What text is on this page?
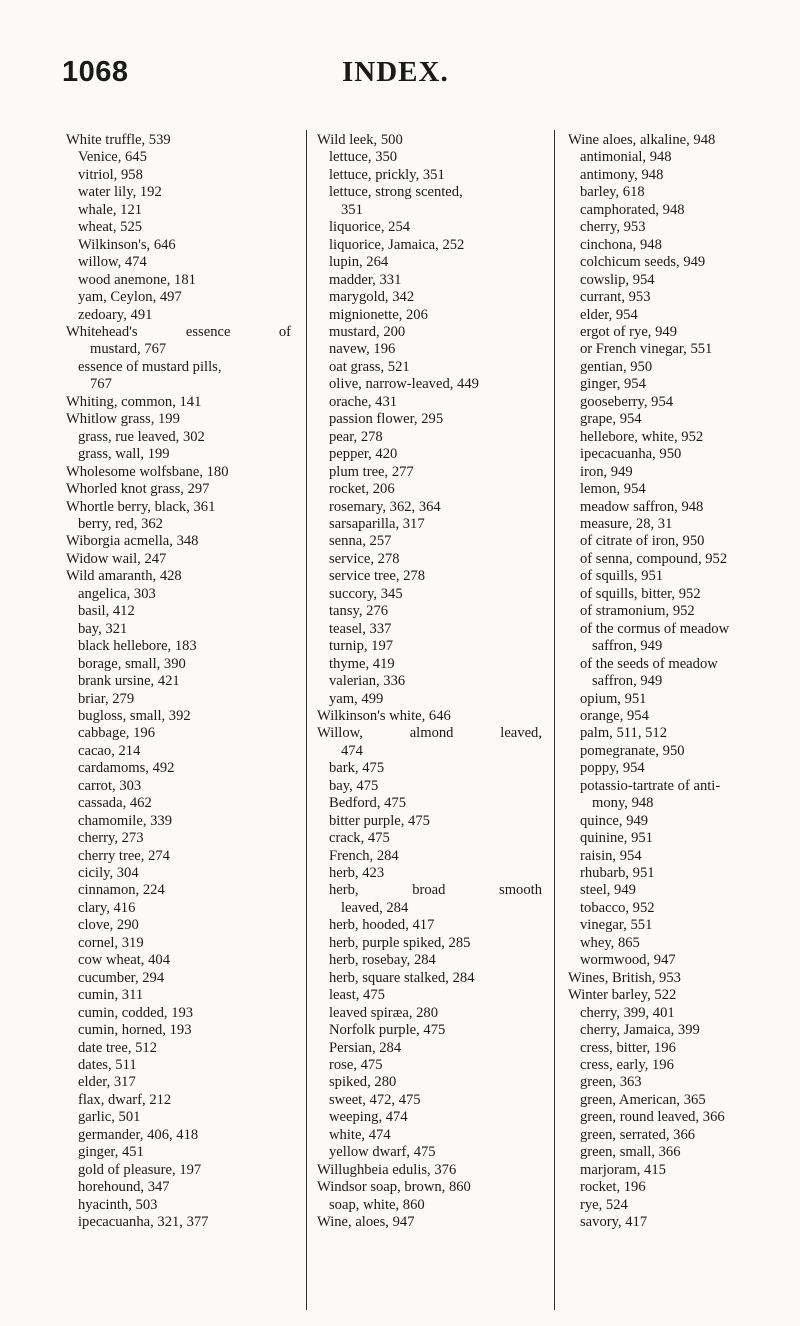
1068	INDEX.
White truffle, 539
Venice, 645
vitriol, 958
water lily, 192
whale, 121
wheat, 525
Wilkinson's, 646
willow, 474
wood anemone, 181
yam, Ceylon, 497
zedoary, 491
Whitehead's	essence	of
mustard, 767
essence of mustard pills,
767
Whiting, common, 141
Whitlow grass, 199
grass, rue leaved, 302
grass, wall, 199
Wholesome wolfsbane, 180
Whorled knot grass, 297
Whortle berry, black, 361
berry, red, 362
Wiborgia acmella, 348
Widow wail, 247
Wild amaranth, 428
angelica, 303
basil, 412
bay, 321
black hellebore, 183
borage, small, 390
brank ursine, 421
briar, 279
bugloss, small, 392
cabbage, 196
cacao, 214
cardamoms, 492
carrot, 303
cassada, 462
chamomile, 339
cherry, 273
cherry tree, 274
cicily, 304
cinnamon, 224
clary, 416
clove, 290
cornel, 319
cow wheat, 404
cucumber, 294
cumin, 311
cumin, codded, 193
cumin, horned, 193
date tree, 512
dates, 511
elder, 317
flax, dwarf, 212
garlic, 501
germander, 406, 418
ginger, 451
gold of pleasure, 197
horehound, 347
hyacinth, 503
ipecacuanha, 321, 377
Wild leek, 500
lettuce, 350
lettuce, prickly, 351
lettuce, strong scented,
351
liquorice, 254
liquorice, Jamaica, 252
lupin, 264
madder, 331
marygold, 342
mignionette, 206
mustard, 200
navew, 196
oat grass, 521
olive, narrow-leaved, 449
orache, 431
passion flower, 295
pear, 278
pepper, 420
plum tree, 277
rocket, 206
rosemary, 362, 364
sarsaparilla, 317
senna, 257
service, 278
service tree, 278
succory, 345
tansy, 276
teasel, 337
turnip, 197
thyme, 419
valerian, 336
yam, 499
Wilkinson's white, 646
Willow,	almond	leaved,
474
bark, 475
bay, 475
Bedford, 475
bitter purple, 475
crack, 475
French, 284
herb, 423
herb,	broad	smooth
leaved, 284
herb, hooded, 417
herb, purple spiked, 285
herb, rosebay, 284
herb, square stalked, 284
least, 475
leaved spiræa, 280
Norfolk purple, 475
Persian, 284
rose, 475
spiked, 280
sweet, 472, 475
weeping, 474
white, 474
yellow dwarf, 475
Willughbeia edulis, 376
Windsor soap, brown, 860
soap, white, 860
Wine, aloes, 947
Wine aloes, alkaline, 948
antimonial, 948
antimony, 948
barley, 618
camphorated, 948
cherry, 953
cinchona, 948
colchicum seeds, 949
cowslip, 954
currant, 953
elder, 954
ergot of rye, 949
or French vinegar, 551
gentian, 950
ginger, 954
gooseberry, 954
grape, 954
hellebore, white, 952
ipecacuanha, 950
iron, 949
lemon, 954
meadow saffron, 948
measure, 28, 31
of citrate of iron, 950
of senna, compound, 952
of squills, 951
of squills, bitter, 952
of stramonium, 952
of the cormus of meadow
saffron, 949
of the seeds of meadow
saffron, 949
opium, 951
orange, 954
palm, 511, 512
pomegranate, 950
poppy, 954
potassio-tartrate of anti-
mony, 948
quince, 949
quinine, 951
raisin, 954
rhubarb, 951
steel, 949
tobacco, 952
vinegar, 551
whey, 865
wormwood, 947
Wines, British, 953
Winter barley, 522
cherry, 399, 401
cherry, Jamaica, 399
cress, bitter, 196
cress, early, 196
green, 363
green, American, 365
green, round leaved, 366
green, serrated, 366
green, small, 366
marjoram, 415
rocket, 196
rye, 524
savory, 417
